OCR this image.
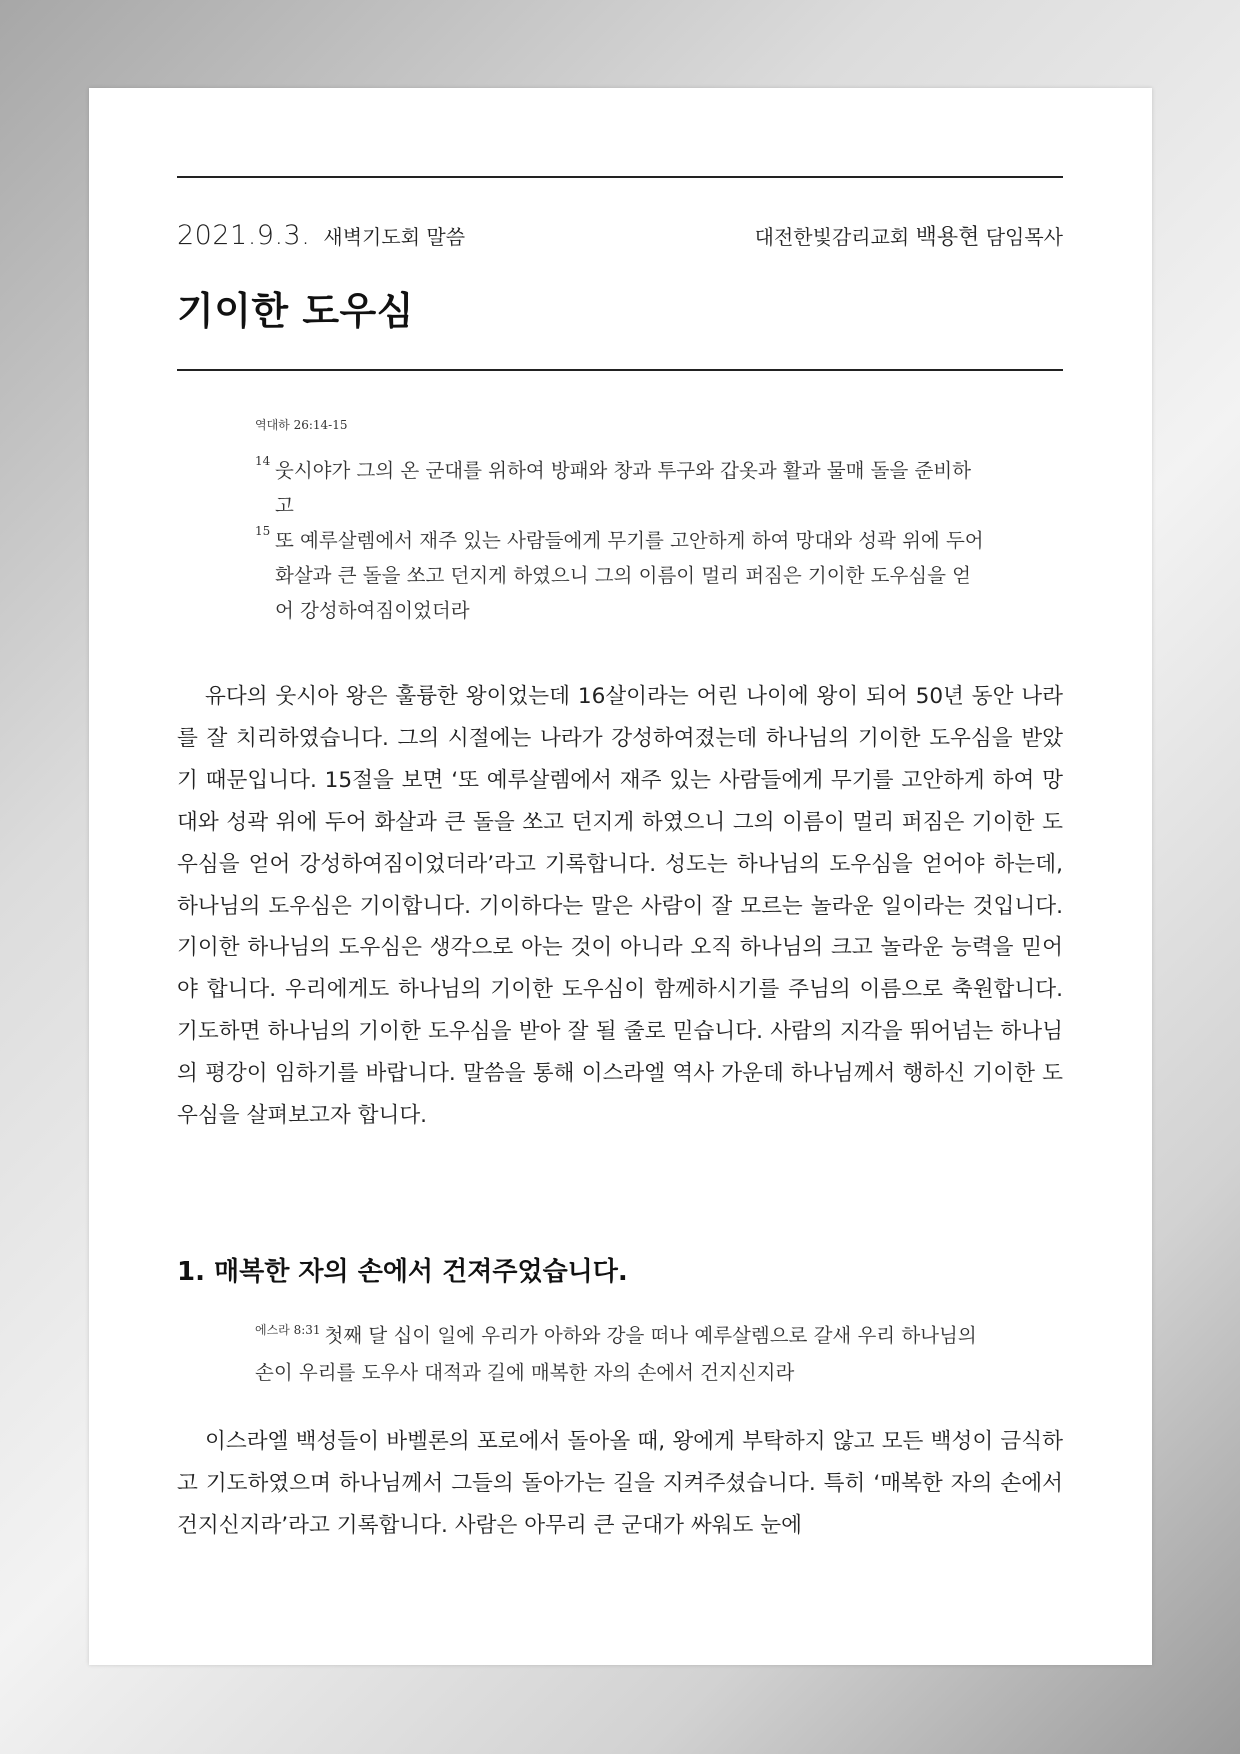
2021.9.3. 새벽기도회 말씀	대전한빛감리교회 백용현 담임목사
기이한 도우심
역대하 26:14-15
14 웃시야가 그의 온 군대를 위하여 방패와 창과 투구와 갑옷과 활과 물매 돌을 준비하고
15 또 예루살렘에서 재주 있는 사람들에게 무기를 고안하게 하여 망대와 성곽 위에 두어 화살과 큰 돌을 쏘고 던지게 하였으니 그의 이름이 멀리 퍼짐은 기이한 도우심을 얻어 강성하여짐이었더라

유다의 웃시아 왕은 훌륭한 왕이었는데 16살이라는 어린 나이에 왕이 되어 50년 동안 나라를 잘 치리하였습니다. 그의 시절에는 나라가 강성하여졌는데 하나님의 기이한 도우심을 받았기 때문입니다. 15절을 보면 ‘또 예루살렘에서 재주 있는 사람들에게 무기를 고안하게 하여 망대와 성곽 위에 두어 화살과 큰 돌을 쏘고 던지게 하였으니 그의 이름이 멀리 퍼짐은 기이한 도우심을 얻어 강성하여짐이었더라’라고 기록합니다. 성도는 하나님의 도우심을 얻어야 하는데, 하나님의 도우심은 기이합니다. 기이하다는 말은 사람이 잘 모르는 놀라운 일이라는 것입니다. 기이한 하나님의 도우심은 생각으로 아는 것이 아니라 오직 하나님의 크고 놀라운 능력을 믿어야 합니다. 우리에게도 하나님의 기이한 도우심이 함께하시기를 주님의 이름으로 축원합니다. 기도하면 하나님의 기이한 도우심을 받아 잘 될 줄로 믿습니다. 사람의 지각을 뛰어넘는 하나님의 평강이 임하기를 바랍니다. 말씀을 통해 이스라엘 역사 가운데 하나님께서 행하신 기이한 도우심을 살펴보고자 합니다.

1. 매복한 자의 손에서 건져주었습니다.
$^{에스라 8:31}$ 첫째 달 십이 일에 우리가 아하와 강을 떠나 예루살렘으로 갈새 우리 하나님의 손이 우리를 도우사 대적과 길에 매복한 자의 손에서 건지신지라

이스라엘 백성들이 바벨론의 포로에서 돌아올 때, 왕에게 부탁하지 않고 모든 백성이 금식하고 기도하였으며 하나님께서 그들의 돌아가는 길을 지켜주셨습니다. 특히 ‘매복한 자의 손에서 건지신지라’라고 기록합니다. 사람은 아무리 큰 군대가 싸워도 눈에
